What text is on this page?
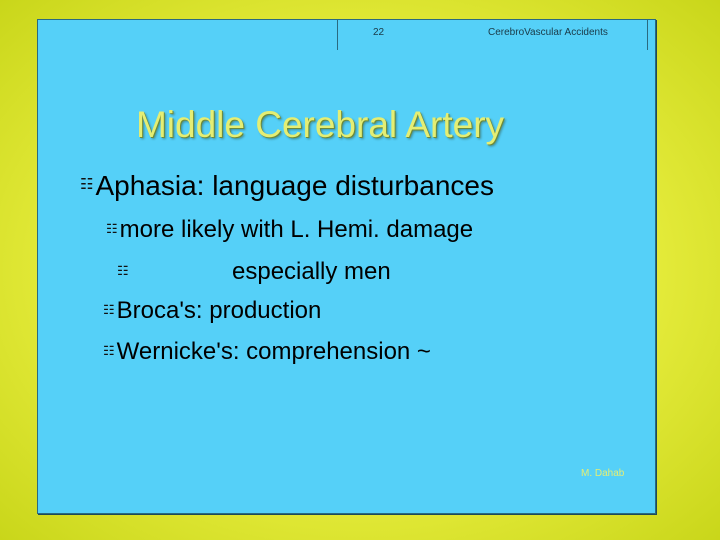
22	CerebroVascular Accidents
Middle Cerebral Artery
☷Aphasia: language disturbances
☷more likely with L. Hemi. damage
☷	especially men
☷Broca's: production
☷Wernicke's: comprehension ~
M. Dahab
